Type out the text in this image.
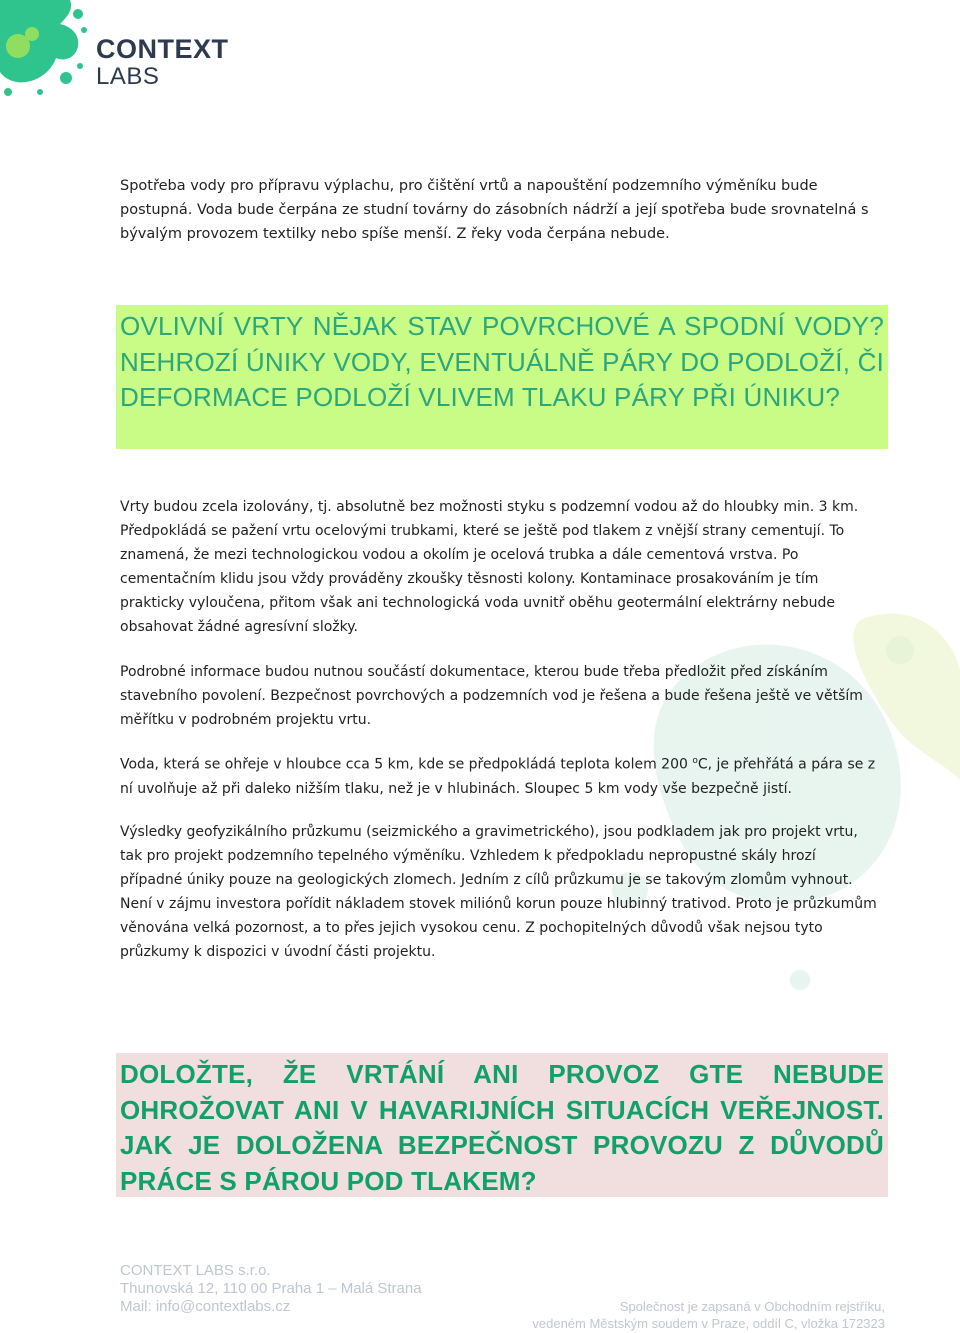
CONTEXT
LABS

Spotřeba vody pro přípravu výplachu, pro čištění vrtů a napouštění podzemního výměníku bude postupná. Voda bude čerpána ze studní továrny do zásobních nádrží a její spotřeba bude srovnatelná s bývalým provozem textilky nebo spíše menší. Z řeky voda čerpána nebude.

OVLIVNÍ VRTY NĚJAK STAV POVRCHOVÉ A SPODNÍ VODY? NEHROZÍ ÚNIKY VODY, EVENTUÁLNĚ PÁRY DO PODLOŽÍ, ČI DEFORMACE PODLOŽÍ VLIVEM TLAKU PÁRY PŘI ÚNIKU?

Vrty budou zcela izolovány, tj. absolutně bez možnosti styku s podzemní vodou až do hloubky min. 3 km. Předpokládá se pažení vrtu ocelovými trubkami, které se ještě pod tlakem z vnější strany cementují. To znamená, že mezi technologickou vodou a okolím je ocelová trubka a dále cementová vrstva. Po cementačním klidu jsou vždy prováděny zkoušky těsnosti kolony. Kontaminace prosakováním je tím prakticky vyloučena, přitom však ani technologická voda uvnitř oběhu geotermální elektrárny nebude obsahovat žádné agresívní složky.

Podrobné informace budou nutnou součástí dokumentace, kterou bude třeba předložit před získáním stavebního povolení. Bezpečnost povrchových a podzemních vod je řešena a bude řešena ještě ve větším měřítku v podrobném projektu vrtu.

Voda, která se ohřeje v hloubce cca 5 km, kde se předpokládá teplota kolem 200 $^o$C, je přehřátá a pára se z ní uvolňuje až při daleko nižším tlaku, než je v hlubinách. Sloupec 5 km vody vše bezpečně jistí.

Výsledky geofyzikálního průzkumu (seizmického a gravimetrického), jsou podkladem jak pro projekt vrtu, tak pro projekt podzemního tepelného výměníku. Vzhledem k předpokladu nepropustné skály hrozí případné úniky pouze na geologických zlomech. Jedním z cílů průzkumu je se takovým zlomům vyhnout. Není v zájmu investora pořídit nákladem stovek miliónů korun pouze hlubinný trativod. Proto je průzkumům věnována velká pozornost, a to přes jejich vysokou cenu. Z pochopitelných důvodů však nejsou tyto průzkumy k dispozici v úvodní části projektu.

DOLOŽTE, ŽE VRTÁNÍ ANI PROVOZ GTE NEBUDE OHROŽOVAT ANI V HAVARIJNÍCH SITUACÍCH VEŘEJNOST. JAK JE DOLOŽENA BEZPEČNOST PROVOZU Z DŮVODŮ PRÁCE S PÁROU POD TLAKEM?
CONTEXT LABS s.r.o.
Thunovská 12, 110 00 Praha 1 – Malá Strana
Mail: info@contextlabs.cz	Společnost je zapsaná v Obchodním rejstříku,
vedeném Městským soudem v Praze, oddíl C, vložka 172323
